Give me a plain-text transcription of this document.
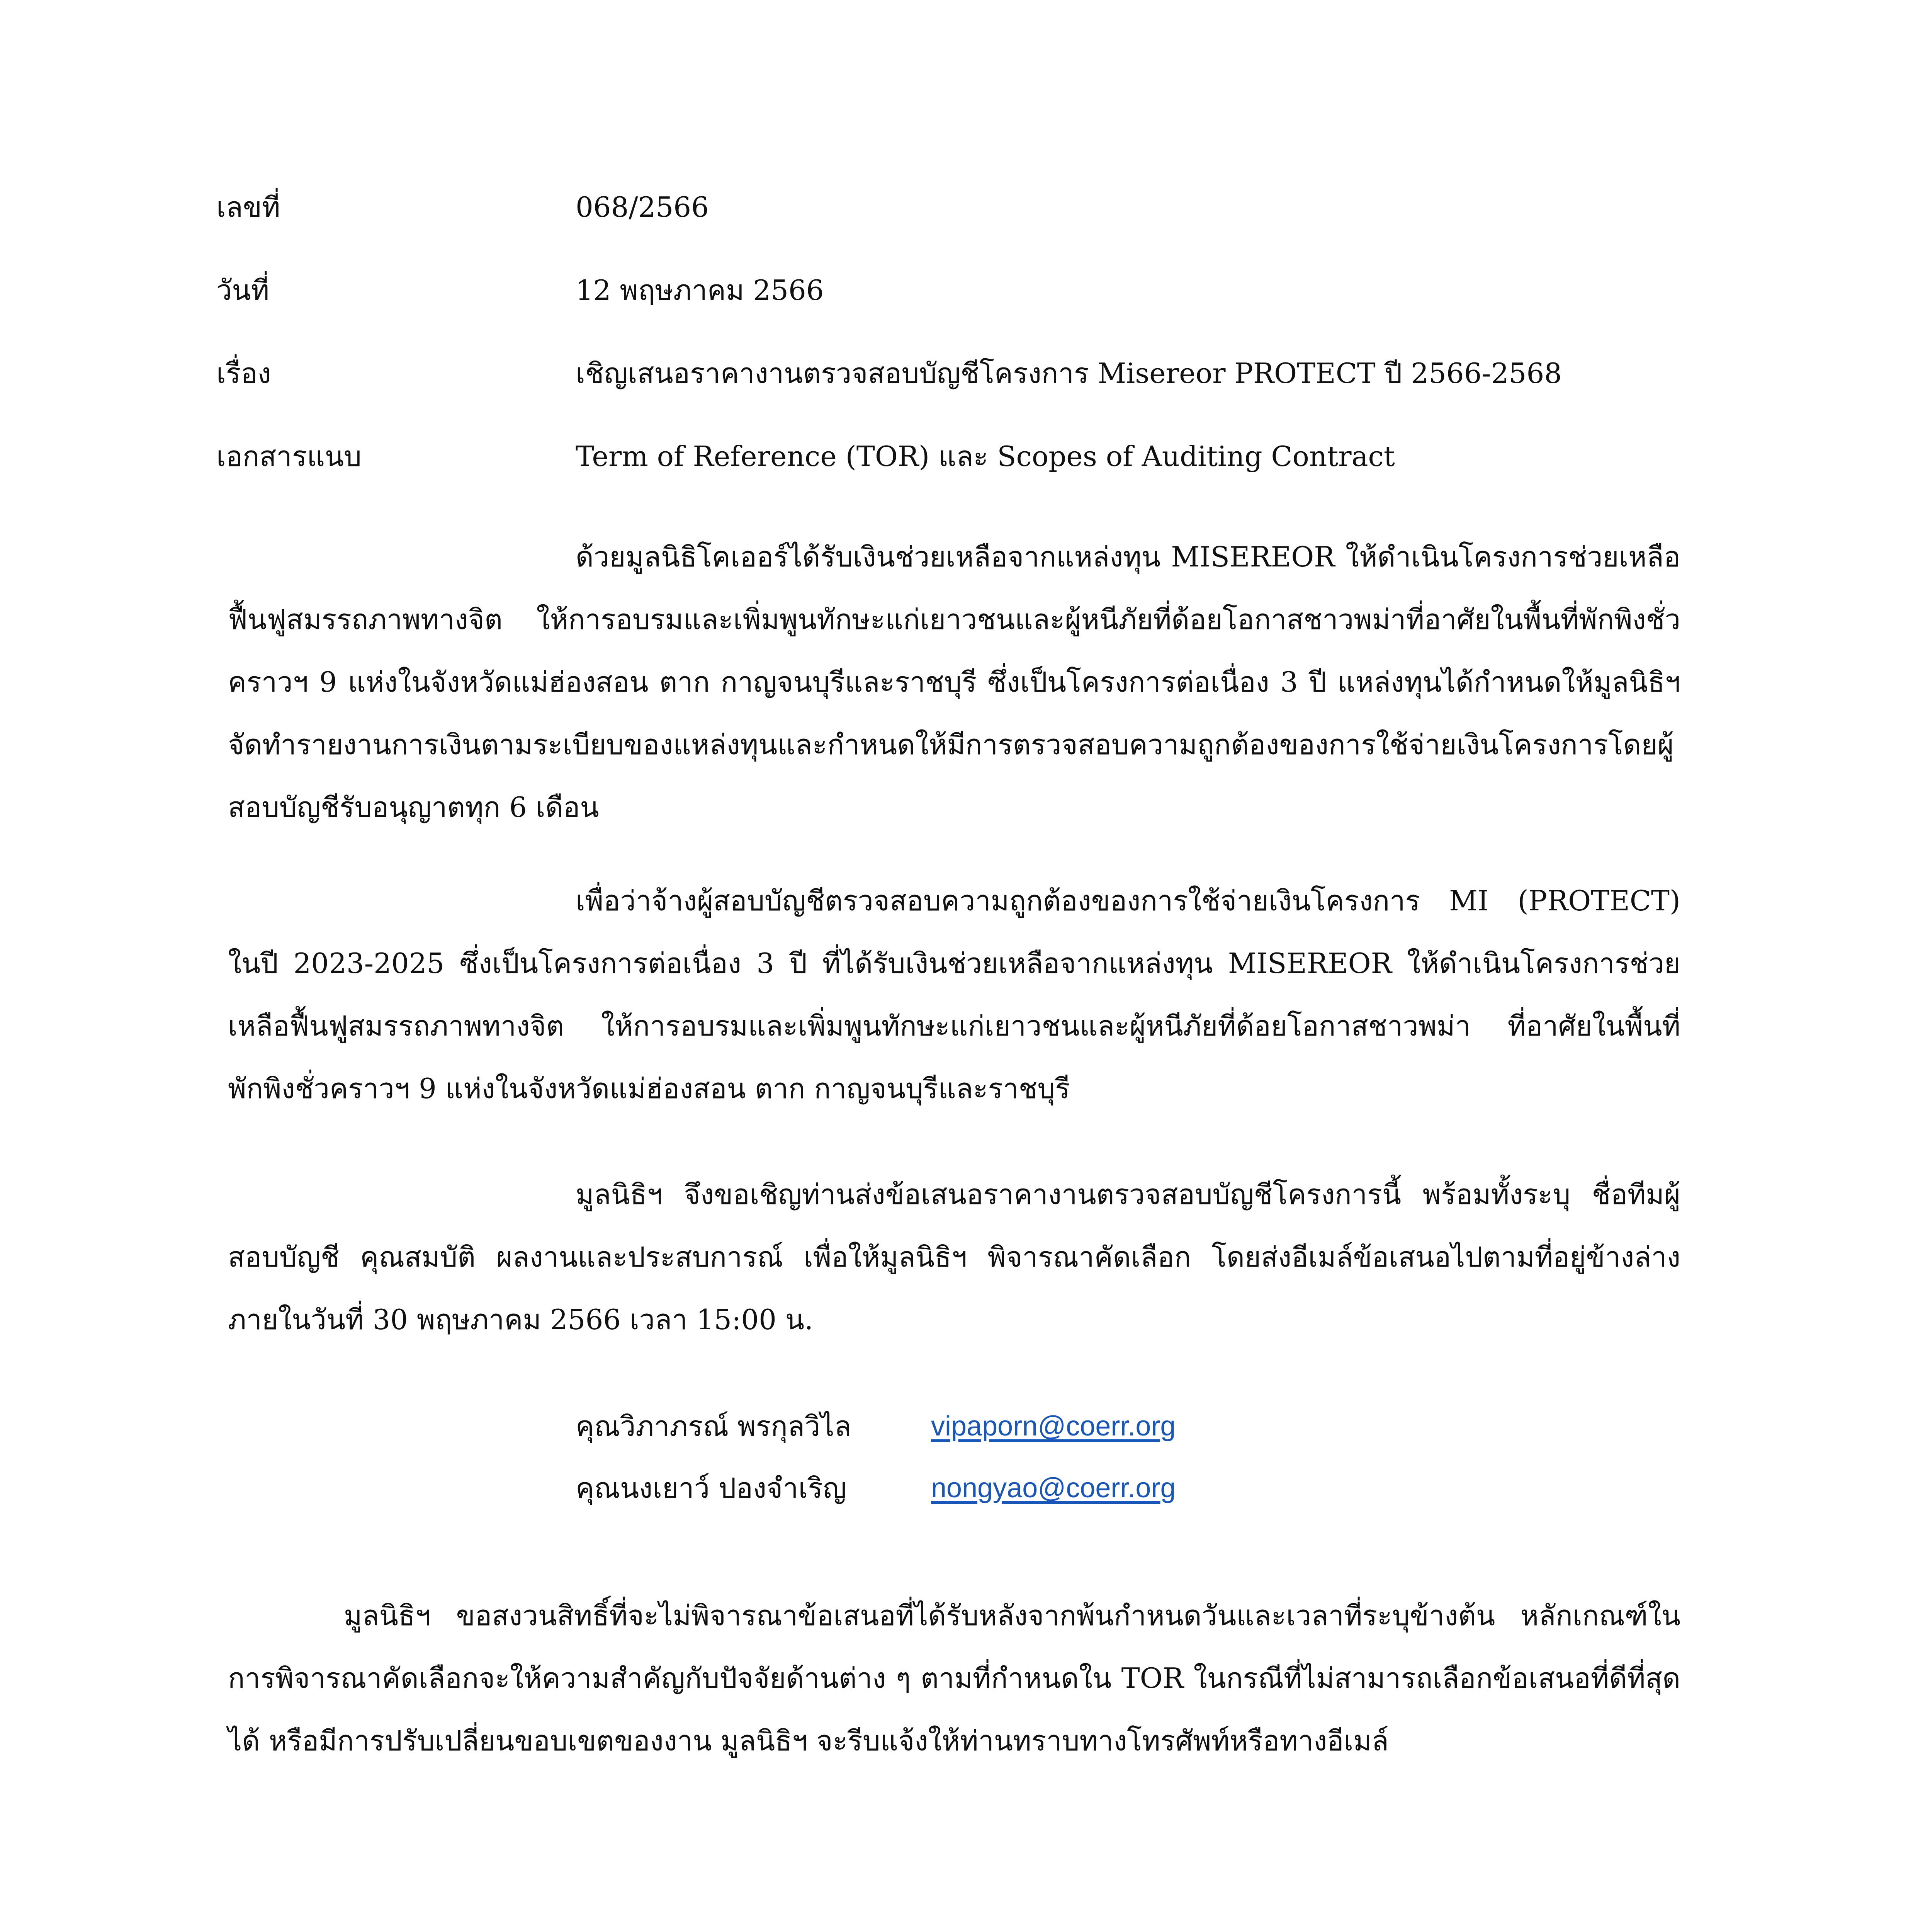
เลขที่	068/2566
วันที่	12 พฤษภาคม 2566
เรื่อง	เชิญเสนอราคางานตรวจสอบบัญชีโครงการ Misereor PROTECT ปี 2566-2568
เอกสารแนบ	Term of Reference (TOR) และ Scopes of Auditing Contract

ด้วยมูลนิธิโคเออร์ได้รับเงินช่วยเหลือจากแหล่งทุน MISEREOR ให้ดำเนินโครงการช่วยเหลือฟื้นฟูสมรรถภาพทางจิต ให้การอบรมและเพิ่มพูนทักษะแก่เยาวชนและผู้หนีภัยที่ด้อยโอกาสชาวพม่าที่อาศัยในพื้นที่พักพิงชั่วคราวฯ 9 แห่งในจังหวัดแม่ฮ่องสอน ตาก กาญจนบุรีและราชบุรี ซึ่งเป็นโครงการต่อเนื่อง 3 ปี แหล่งทุนได้กำหนดให้มูลนิธิฯ จัดทำรายงานการเงินตามระเบียบของแหล่งทุนและกำหนดให้มีการตรวจสอบความถูกต้องของการใช้จ่ายเงินโครงการโดยผู้สอบบัญชีรับอนุญาตทุก 6 เดือน

เพื่อว่าจ้างผู้สอบบัญชีตรวจสอบความถูกต้องของการใช้จ่ายเงินโครงการ MI (PROTECT) ในปี 2023-2025 ซึ่งเป็นโครงการต่อเนื่อง 3 ปี ที่ได้รับเงินช่วยเหลือจากแหล่งทุน MISEREOR ให้ดำเนินโครงการช่วยเหลือฟื้นฟูสมรรถภาพทางจิต ให้การอบรมและเพิ่มพูนทักษะแก่เยาวชนและผู้หนีภัยที่ด้อยโอกาสชาวพม่า ที่อาศัยในพื้นที่พักพิงชั่วคราวฯ 9 แห่งในจังหวัดแม่ฮ่องสอน ตาก กาญจนบุรีและราชบุรี

มูลนิธิฯ จึงขอเชิญท่านส่งข้อเสนอราคางานตรวจสอบบัญชีโครงการนี้ พร้อมทั้งระบุ ชื่อทีมผู้สอบบัญชี คุณสมบัติ ผลงานและประสบการณ์ เพื่อให้มูลนิธิฯ พิจารณาคัดเลือก โดยส่งอีเมล์ข้อเสนอไปตามที่อยู่ข้างล่างภายในวันที่ 30 พฤษภาคม 2566 เวลา 15:00 น.

คุณวิภาภรณ์ พรกุลวิไล	vipaporn@coerr.org
คุณนงเยาว์ ปองจำเริญ	nongyao@coerr.org

มูลนิธิฯ ขอสงวนสิทธิ์ที่จะไม่พิจารณาข้อเสนอที่ได้รับหลังจากพ้นกำหนดวันและเวลาที่ระบุข้างต้น หลักเกณฑ์ในการพิจารณาคัดเลือกจะให้ความสำคัญกับปัจจัยด้านต่าง ๆ ตามที่กำหนดใน TOR ในกรณีที่ไม่สามารถเลือกข้อเสนอที่ดีที่สุดได้ หรือมีการปรับเปลี่ยนขอบเขตของงาน มูลนิธิฯ จะรีบแจ้งให้ท่านทราบทางโทรศัพท์หรือทางอีเมล์
